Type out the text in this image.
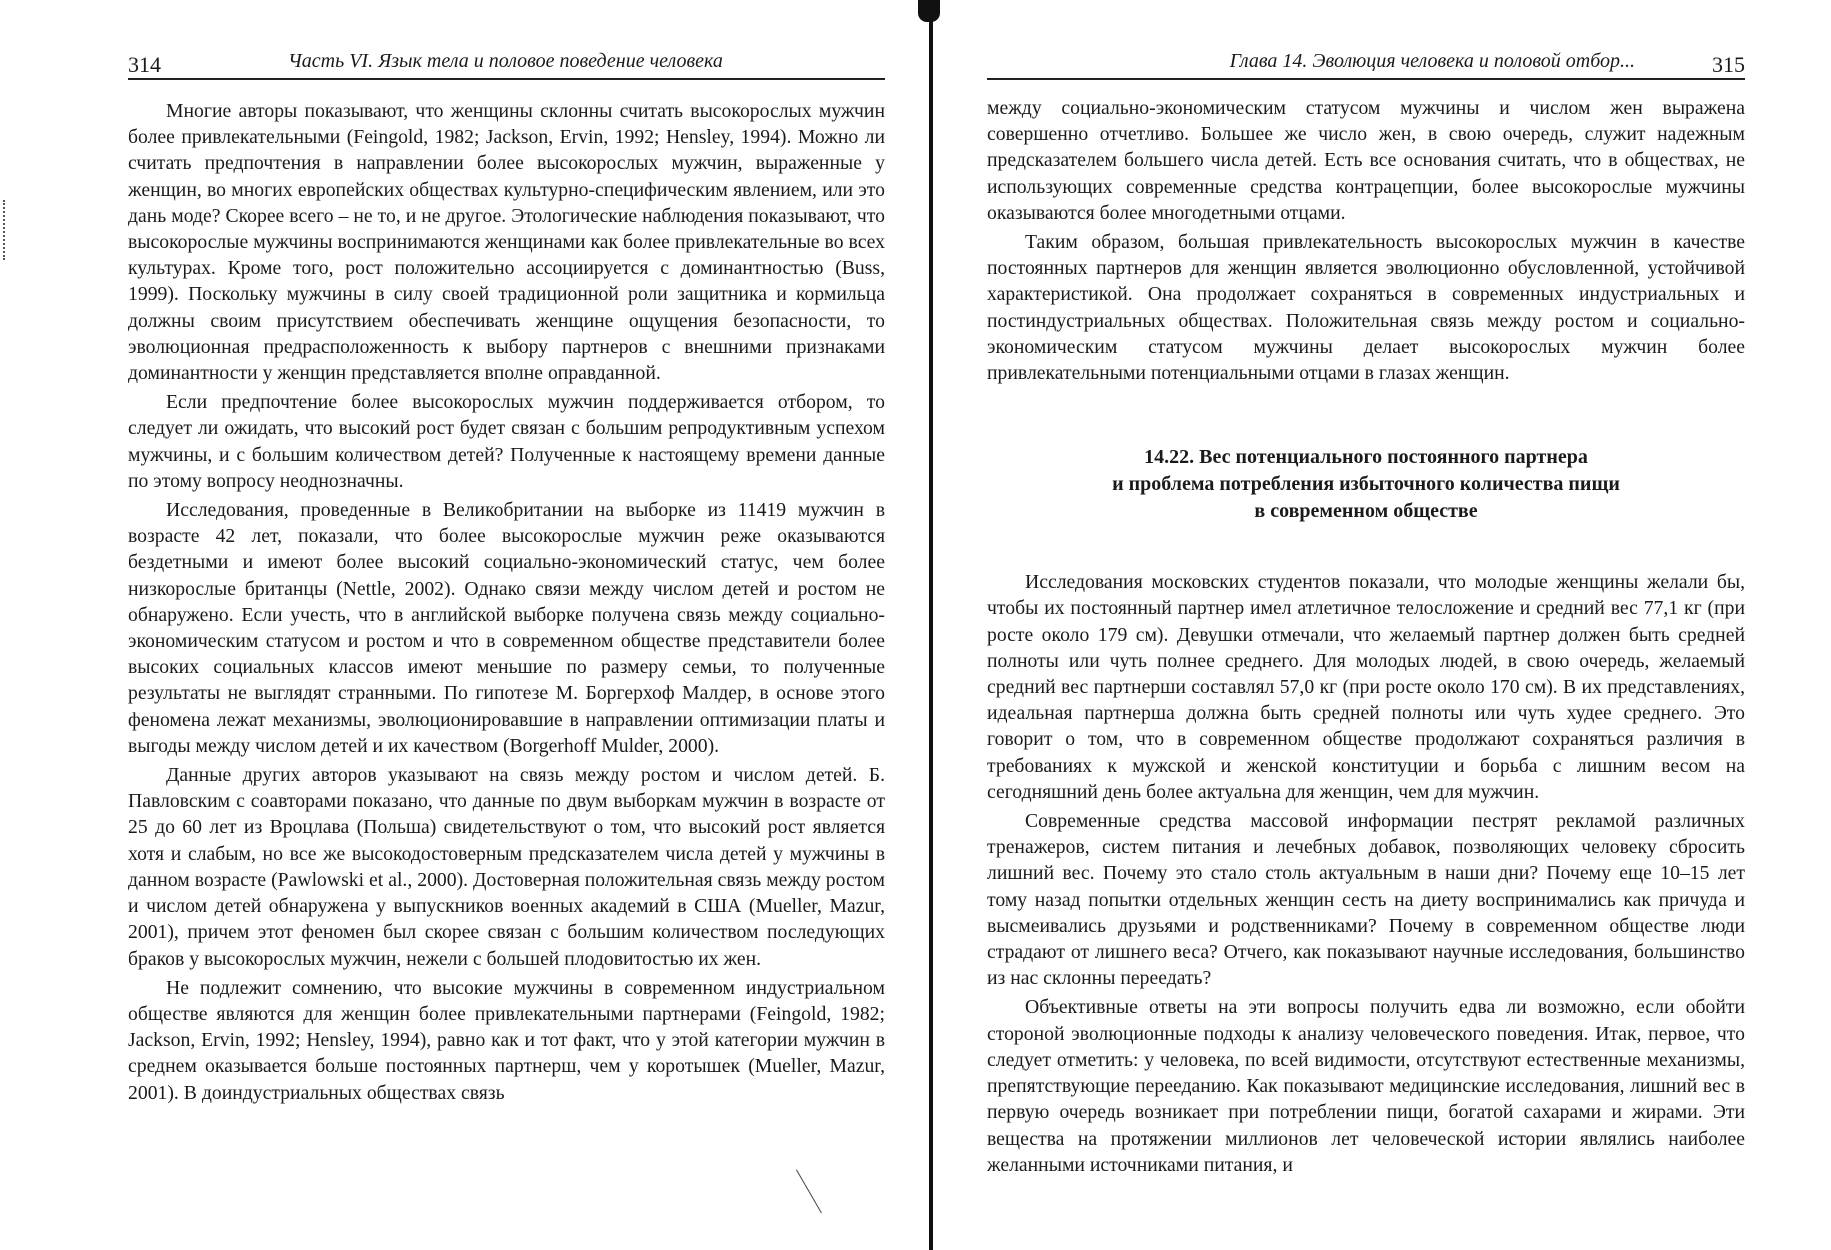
314	Часть VI. Язык тела и половое поведение человека

Многие авторы показывают, что женщины склонны считать высокорослых мужчин более привлекательными (Feingold, 1982; Jackson, Ervin, 1992; Hensley, 1994). Можно ли считать предпочтения в направлении более высокорослых мужчин, выраженные у женщин, во многих европейских обществах культурно-специфическим явлением, или это дань моде? Скорее всего – не то, и не другое. Этологические наблюдения показывают, что высокорослые мужчины воспринимаются женщинами как более привлекательные во всех культурах. Кроме того, рост положительно ассоциируется с доминантностью (Buss, 1999). Поскольку мужчины в силу своей традиционной роли защитника и кормильца должны своим присутствием обеспечивать женщине ощущения безопасности, то эволюционная предрасположенность к выбору партнеров с внешними признаками доминантности у женщин представляется вполне оправданной.

Если предпочтение более высокорослых мужчин поддерживается отбором, то следует ли ожидать, что высокий рост будет связан с большим репродуктивным успехом мужчины, и с большим количеством детей? Полученные к настоящему времени данные по этому вопросу неоднозначны.

Исследования, проведенные в Великобритании на выборке из 11419 мужчин в возрасте 42 лет, показали, что более высокорослые мужчин реже оказываются бездетными и имеют более высокий социально-экономический статус, чем более низкорослые британцы (Nettle, 2002). Однако связи между числом детей и ростом не обнаружено. Если учесть, что в английской выборке получена связь между социально-экономическим статусом и ростом и что в современном обществе представители более высоких социальных классов имеют меньшие по размеру семьи, то полученные результаты не выглядят странными. По гипотезе М. Боргерхоф Малдер, в основе этого феномена лежат механизмы, эволюционировавшие в направлении оптимизации платы и выгоды между числом детей и их качеством (Borgerhoff Mulder, 2000).

Данные других авторов указывают на связь между ростом и числом детей. Б. Павловским с соавторами показано, что данные по двум выборкам мужчин в возрасте от 25 до 60 лет из Вроцлава (Польша) свидетельствуют о том, что высокий рост является хотя и слабым, но все же высокодостоверным предсказателем числа детей у мужчины в данном возрасте (Pawlowski et al., 2000). Достоверная положительная связь между ростом и числом детей обнаружена у выпускников военных академий в США (Mueller, Mazur, 2001), причем этот феномен был скорее связан с большим количеством последующих браков у высокорослых мужчин, нежели с большей плодовитостью их жен.

Не подлежит сомнению, что высокие мужчины в современном индустриальном обществе являются для женщин более привлекательными партнерами (Feingold, 1982; Jackson, Ervin, 1992; Hensley, 1994), равно как и тот факт, что у этой категории мужчин в среднем оказывается больше постоянных партнерш, чем у коротышек (Mueller, Mazur, 2001). В доиндустриальных обществах связь

Глава 14. Эволюция человека и половой отбор...	315

между социально-экономическим статусом мужчины и числом жен выражена совершенно отчетливо. Большее же число жен, в свою очередь, служит надежным предсказателем большего числа детей. Есть все основания считать, что в обществах, не использующих современные средства контрацепции, более высокорослые мужчины оказываются более многодетными отцами.

Таким образом, большая привлекательность высокорослых мужчин в качестве постоянных партнеров для женщин является эволюционно обусловленной, устойчивой характеристикой. Она продолжает сохраняться в современных индустриальных и постиндустриальных обществах. Положительная связь между ростом и социально-экономическим статусом мужчины делает высокорослых мужчин более привлекательными потенциальными отцами в глазах женщин.

14.22. Вес потенциального постоянного партнера
и проблема потребления избыточного количества пищи
в современном обществе

Исследования московских студентов показали, что молодые женщины желали бы, чтобы их постоянный партнер имел атлетичное телосложение и средний вес 77,1 кг (при росте около 179 см). Девушки отмечали, что желаемый партнер должен быть средней полноты или чуть полнее среднего. Для молодых людей, в свою очередь, желаемый средний вес партнерши составлял 57,0 кг (при росте около 170 см). В их представлениях, идеальная партнерша должна быть средней полноты или чуть худее среднего. Это говорит о том, что в современном обществе продолжают сохраняться различия в требованиях к мужской и женской конституции и борьба с лишним весом на сегодняшний день более актуальна для женщин, чем для мужчин.

Современные средства массовой информации пестрят рекламой различных тренажеров, систем питания и лечебных добавок, позволяющих человеку сбросить лишний вес. Почему это стало столь актуальным в наши дни? Почему еще 10–15 лет тому назад попытки отдельных женщин сесть на диету воспринимались как причуда и высмеивались друзьями и родственниками? Почему в современном обществе люди страдают от лишнего веса? Отчего, как показывают научные исследования, большинство из нас склонны переедать?

Объективные ответы на эти вопросы получить едва ли возможно, если обойти стороной эволюционные подходы к анализу человеческого поведения. Итак, первое, что следует отметить: у человека, по всей видимости, отсутствуют естественные механизмы, препятствующие перееданию. Как показывают медицинские исследования, лишний вес в первую очередь возникает при потреблении пищи, богатой сахарами и жирами. Эти вещества на протяжении миллионов лет человеческой истории являлись наиболее желанными источниками питания, и
